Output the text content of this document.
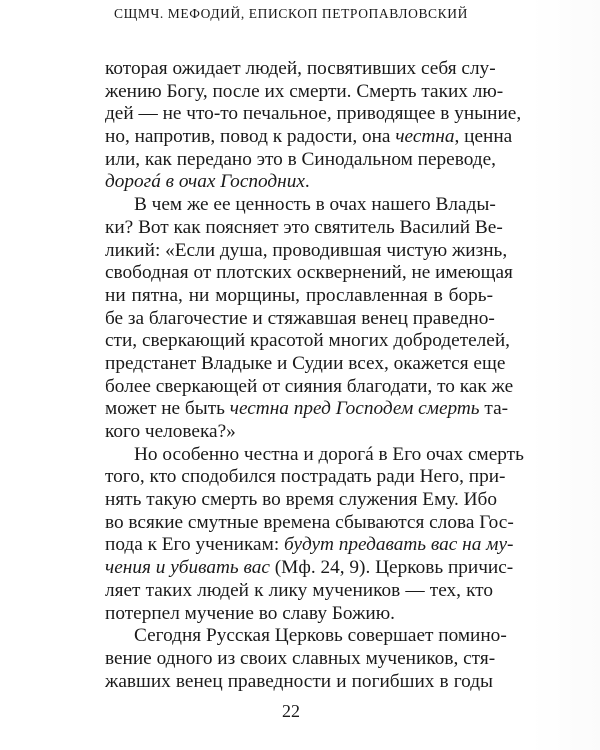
СЩМЧ. МЕФОДИЙ, ЕПИСКОП ПЕТРОПАВЛОВСКИЙ
которая ожидает людей, посвятивших себя слу-
жению Богу, после их смерти. Смерть таких лю-
дей — не что-то печальное, приводящее в уныние,
но, напротив, повод к радости, она честна, ценна
или, как передано это в Синодальном переводе,
дорогá в очах Господних.
В чем же ее ценность в очах нашего Влады-
ки? Вот как поясняет это святитель Василий Ве-
ликий: «Если душа, проводившая чистую жизнь,
свободная от плотских осквернений, не имеющая
ни пятна, ни морщины, прославленная в борь-
бе за благочестие и стяжавшая венец праведно-
сти, сверкающий красотой многих добродетелей,
предстанет Владыке и Судии всех, окажется еще
более сверкающей от сияния благодати, то как же
может не быть честна пред Господем смерть та-
кого человека?»
Но особенно честна и дорогá в Его очах смерть
того, кто сподобился пострадать ради Него, при-
нять такую смерть во время служения Ему. Ибо
во всякие смутные времена сбываются слова Гос-
пода к Его ученикам: будут предавать вас на му-
чения и убивать вас (Мф. 24, 9). Церковь причис-
ляет таких людей к лику мучеников — тех, кто
потерпел мучение во славу Божию.
Сегодня Русская Церковь совершает помино-
вение одного из своих славных мучеников, стя-
жавших венец праведности и погибших в годы
22
